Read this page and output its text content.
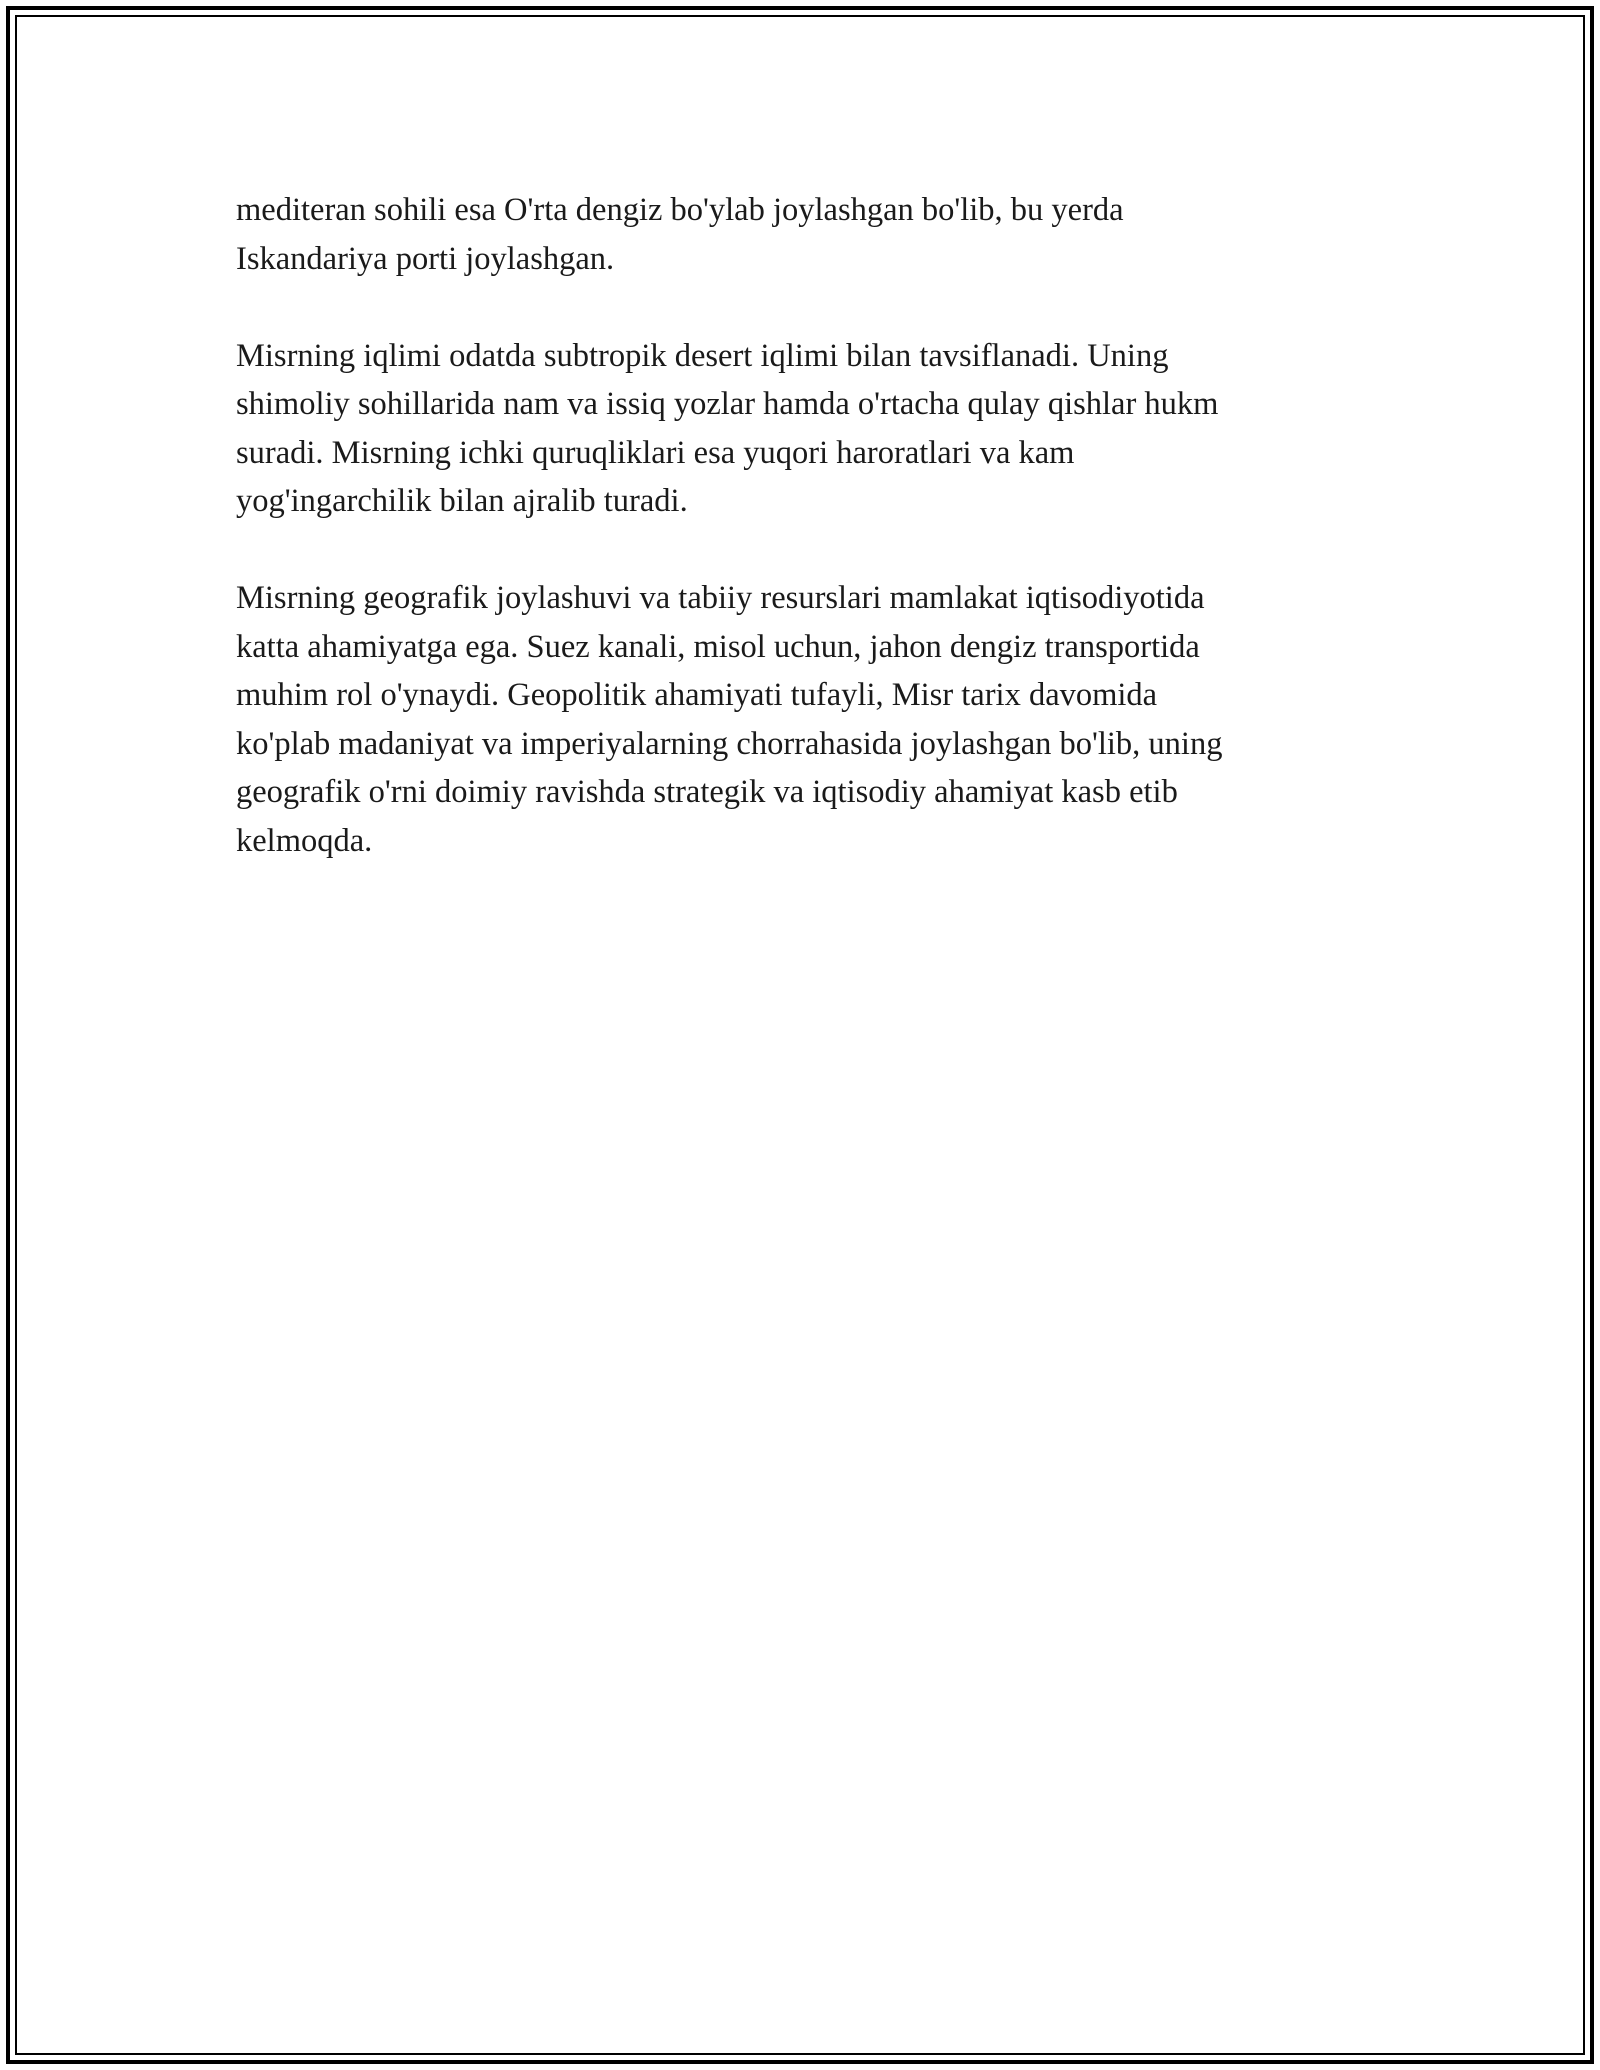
mediteran sohili esa O'rta dengiz bo'ylab joylashgan bo'lib, bu yerda
Iskandariya porti joylashgan.

Misrning iqlimi odatda subtropik desert iqlimi bilan tavsiflanadi. Uning
shimoliy sohillarida nam va issiq yozlar hamda o'rtacha qulay qishlar hukm
suradi. Misrning ichki quruqliklari esa yuqori haroratlari va kam
yog'ingarchilik bilan ajralib turadi.

Misrning geografik joylashuvi va tabiiy resurslari mamlakat iqtisodiyotida
katta ahamiyatga ega. Suez kanali, misol uchun, jahon dengiz transportida
muhim rol o'ynaydi. Geopolitik ahamiyati tufayli, Misr tarix davomida
ko'plab madaniyat va imperiyalarning chorrahasida joylashgan bo'lib, uning
geografik o'rni doimiy ravishda strategik va iqtisodiy ahamiyat kasb etib
kelmoqda.
